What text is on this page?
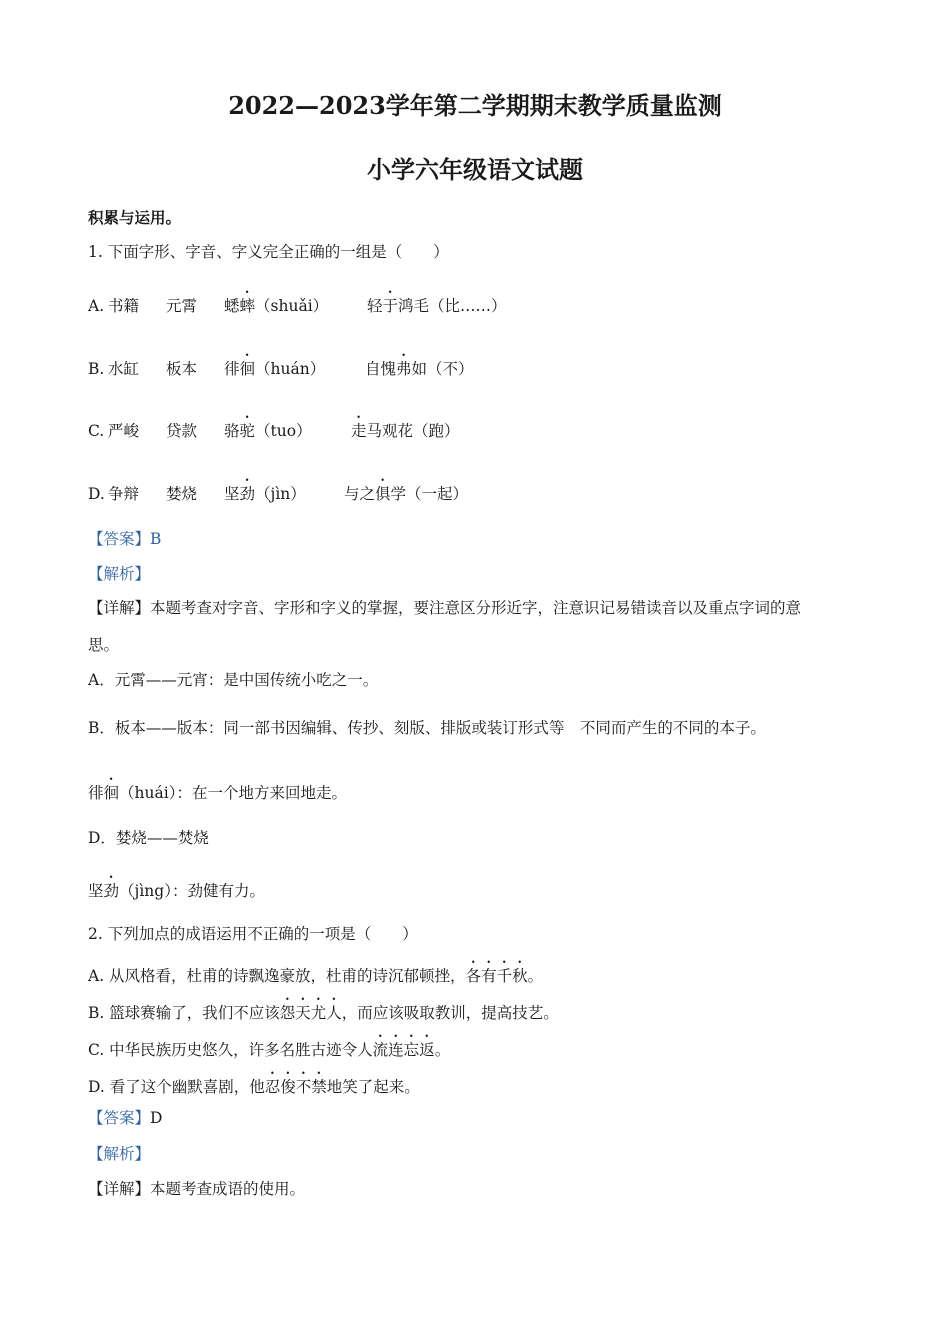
2022—2023学年第二学期期末教学质量监测
小学六年级语文试题
积累与运用。
1. 下面字形、字音、字义完全正确的一组是（　　）
A. 书籍 元霄 蟋蟀（shuǎi）	轻于鸿毛（比……）
B. 水缸 板本 徘徊（huán）	自愧弗如（不）
C. 严峻 贷款 骆驼（tuo）	走马观花（跑）
D. 争辩 婪烧 坚劲（jìn） 与之俱学（一起）
【答案】B
【解析】
【详解】本题考查对字音、字形和字义的掌握，要注意区分形近字，注意识记易错读音以及重点字词的意
思。
A．元霄——元宵：是中国传统小吃之一。
B．板本——版本：同一部书因编辑、传抄、刻版、排版或装订形式等　不同而产生的不同的本子。
徘徊（huái）：在一个地方来回地走。
D．婪烧——焚烧
坚劲（jìng）：劲健有力。
2. 下列加点的成语运用不正确的一项是（　　）
A. 从风格看，杜甫的诗飘逸豪放，杜甫的诗沉郁顿挫，各有千秋。
B. 篮球赛输了，我们不应该怨天尤人，而应该吸取教训，提高技艺。
C. 中华民族历史悠久，许多名胜古迹令人流连忘返。
D. 看了这个幽默喜剧，他忍俊不禁地笑了起来。
【答案】D
【解析】
【详解】本题考查成语的使用。
